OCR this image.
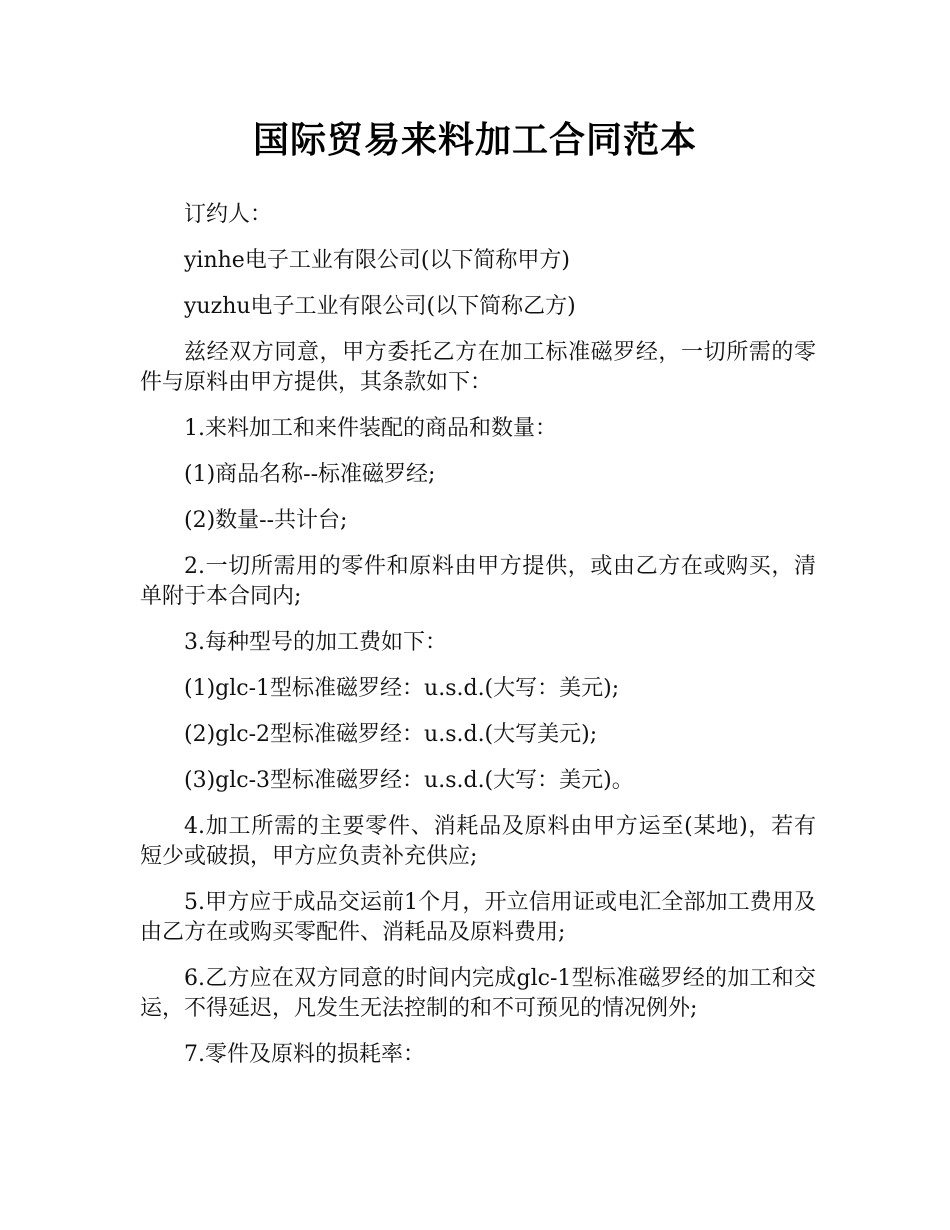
国际贸易来料加工合同范本

订约人：

yinhe电子工业有限公司(以下简称甲方)

yuzhu电子工业有限公司(以下简称乙方)

兹经双方同意，甲方委托乙方在加工标准磁罗经，一切所需的零件与原料由甲方提供，其条款如下：

1.来料加工和来件装配的商品和数量：

(1)商品名称--标准磁罗经;

(2)数量--共计台;

2.一切所需用的零件和原料由甲方提供，或由乙方在或购买，清单附于本合同内;

3.每种型号的加工费如下：

(1)glc-1型标准磁罗经：u.s.d.(大写：美元);

(2)glc-2型标准磁罗经：u.s.d.(大写美元);

(3)glc-3型标准磁罗经：u.s.d.(大写：美元)。

4.加工所需的主要零件、消耗品及原料由甲方运至(某地)，若有短少或破损，甲方应负责补充供应;

5.甲方应于成品交运前1个月，开立信用证或电汇全部加工费用及由乙方在或购买零配件、消耗品及原料费用;

6.乙方应在双方同意的时间内完成glc-1型标准磁罗经的加工和交运，不得延迟，凡发生无法控制的和不可预见的情况例外;

7.零件及原料的损耗率：
